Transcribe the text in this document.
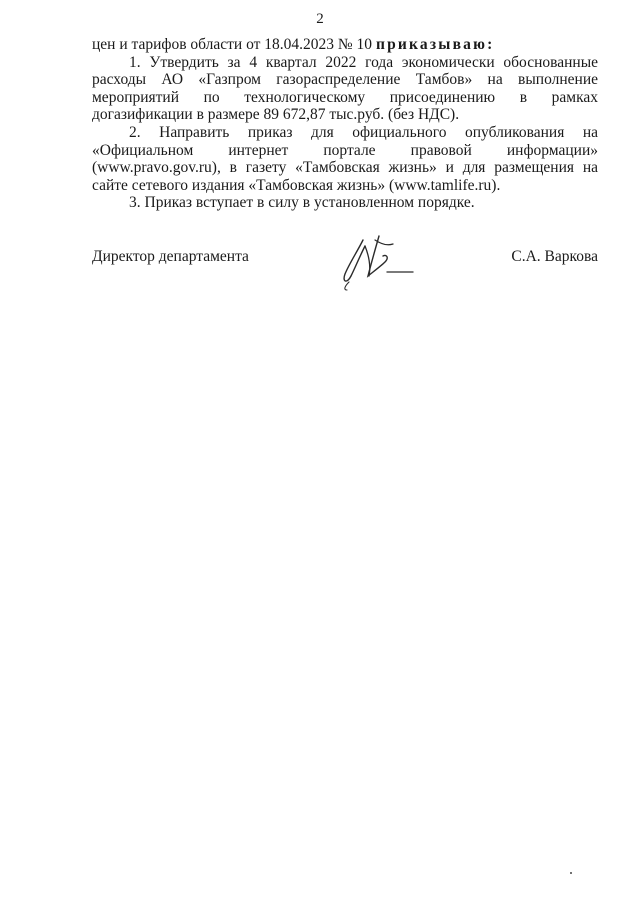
2

цен и тарифов области от 18.04.2023 № 10 приказываю:

1. Утвердить за 4 квартал 2022 года экономически обоснованные расходы АО «Газпром газораспределение Тамбов» на выполнение мероприятий по технологическому присоединению в рамках догазификации в размере 89 672,87 тыс.руб. (без НДС).

2. Направить приказ для официального опубликования на «Официальном интернет портале правовой информации» (www.pravo.gov.ru), в газету «Тамбовская жизнь» и для размещения на сайте сетевого издания «Тамбовская жизнь» (www.tamlife.ru).

3. Приказ вступает в силу в установленном порядке.

Директор департамента	С.А. Варкова
